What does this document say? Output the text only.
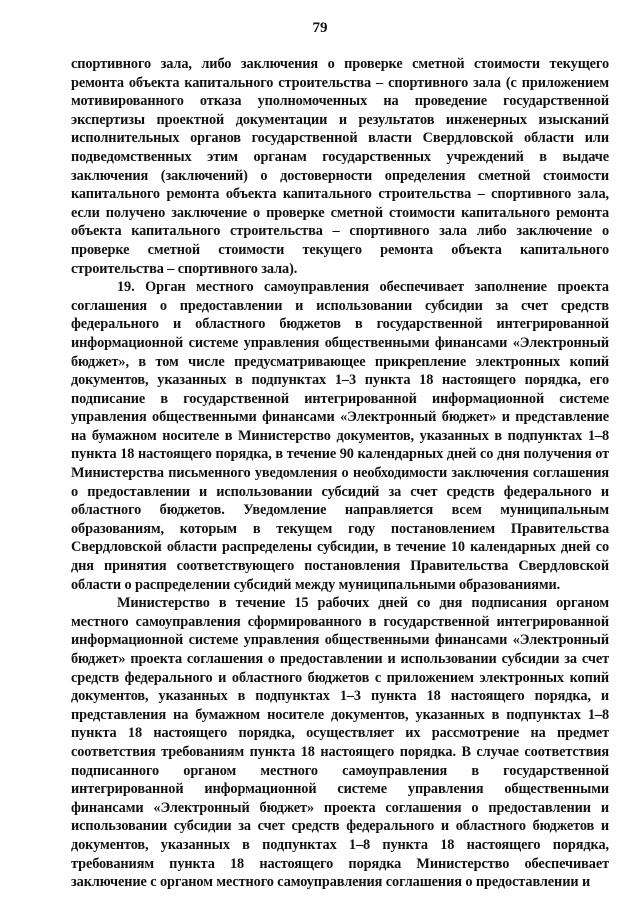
79

спортивного зала, либо заключения о проверке сметной стоимости текущего ремонта объекта капитального строительства – спортивного зала (с приложением мотивированного отказа уполномоченных на проведение государственной экспертизы проектной документации и результатов инженерных изысканий исполнительных органов государственной власти Свердловской области или подведомственных этим органам государственных учреждений в выдаче заключения (заключений) о достоверности определения сметной стоимости капитального ремонта объекта капитального строительства – спортивного зала, если получено заключение о проверке сметной стоимости капитального ремонта объекта капитального строительства – спортивного зала либо заключение о проверке сметной стоимости текущего ремонта объекта капитального строительства – спортивного зала).

19. Орган местного самоуправления обеспечивает заполнение проекта соглашения о предоставлении и использовании субсидии за счет средств федерального и областного бюджетов в государственной интегрированной информационной системе управления общественными финансами «Электронный бюджет», в том числе предусматривающее прикрепление электронных копий документов, указанных в подпунктах 1–3 пункта 18 настоящего порядка, его подписание в государственной интегрированной информационной системе управления общественными финансами «Электронный бюджет» и представление на бумажном носителе в Министерство документов, указанных в подпунктах 1–8 пункта 18 настоящего порядка, в течение 90 календарных дней со дня получения от Министерства письменного уведомления о необходимости заключения соглашения о предоставлении и использовании субсидий за счет средств федерального и областного бюджетов. Уведомление направляется всем муниципальным образованиям, которым в текущем году постановлением Правительства Свердловской области распределены субсидии, в течение 10 календарных дней со дня принятия соответствующего постановления Правительства Свердловской области о распределении субсидий между муниципальными образованиями.

Министерство в течение 15 рабочих дней со дня подписания органом местного самоуправления сформированного в государственной интегрированной информационной системе управления общественными финансами «Электронный бюджет» проекта соглашения о предоставлении и использовании субсидии за счет средств федерального и областного бюджетов с приложением электронных копий документов, указанных в подпунктах 1–3 пункта 18 настоящего порядка, и представления на бумажном носителе документов, указанных в подпунктах 1–8 пункта 18 настоящего порядка, осуществляет их рассмотрение на предмет соответствия требованиям пункта 18 настоящего порядка. В случае соответствия подписанного органом местного самоуправления в государственной интегрированной информационной системе управления общественными финансами «Электронный бюджет» проекта соглашения о предоставлении и использовании субсидии за счет средств федерального и областного бюджетов и документов, указанных в подпунктах 1–8 пункта 18 настоящего порядка, требованиям пункта 18 настоящего порядка Министерство обеспечивает заключение с органом местного самоуправления соглашения о предоставлении и
